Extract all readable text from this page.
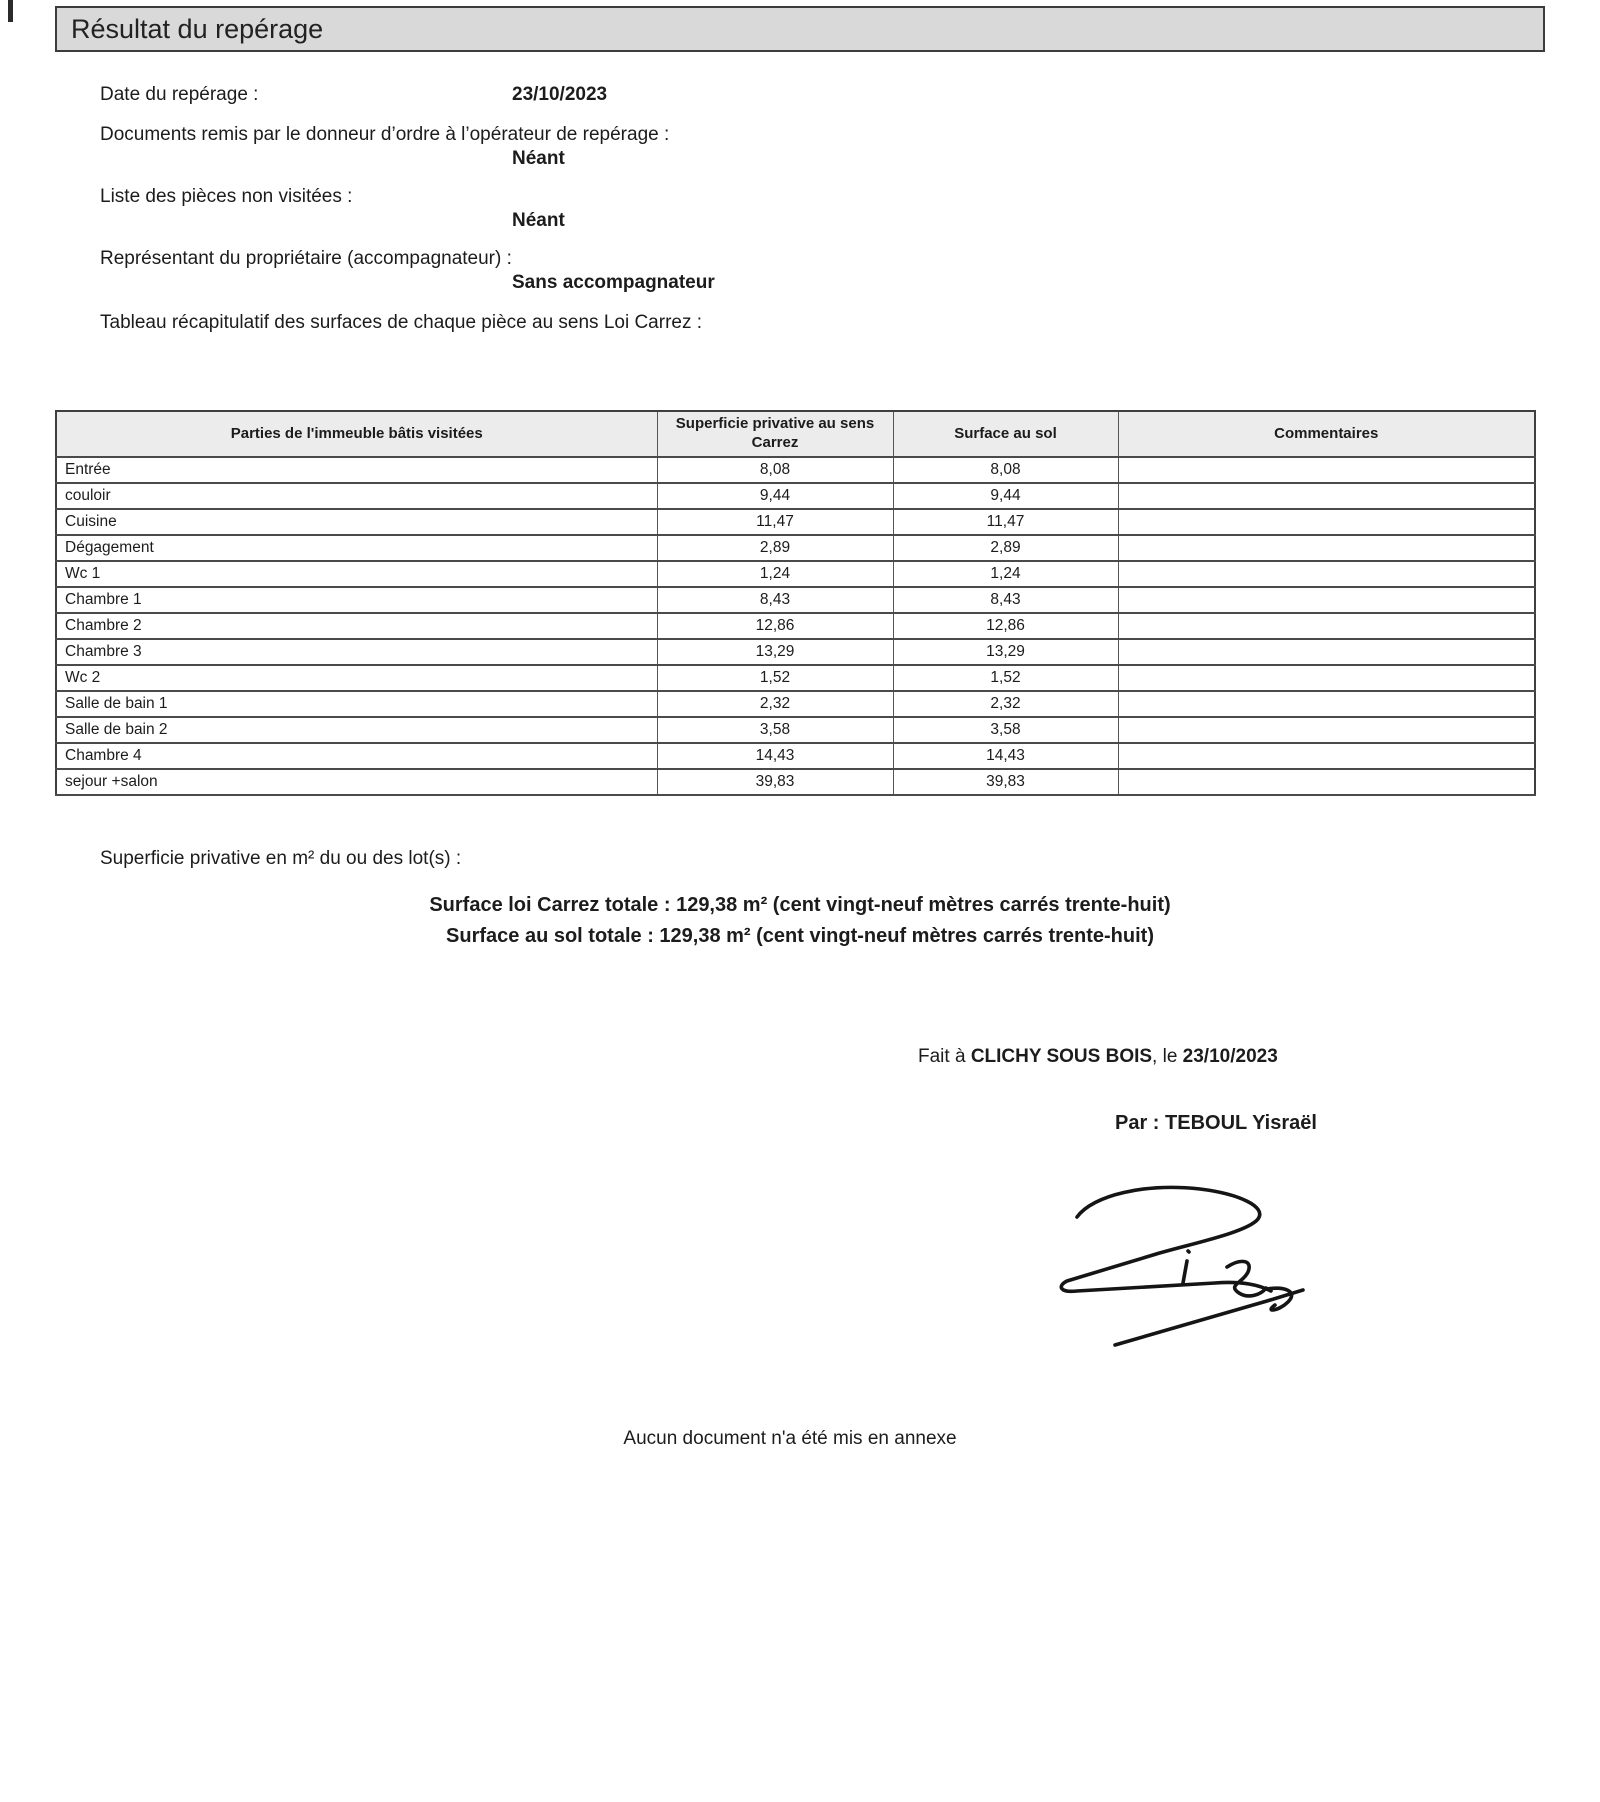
Résultat du repérage
Date du repérage :	23/10/2023
Documents remis par le donneur d’ordre à l’opérateur de repérage :
Néant
Liste des pièces non visitées :
Néant
Représentant du propriétaire (accompagnateur) :
Sans accompagnateur
Tableau récapitulatif des surfaces de chaque pièce au sens Loi Carrez :
Parties de l'immeuble bâtis visitées	Superficie privative au sens Carrez	Surface au sol	Commentaires
Entrée	8,08	8,08	
couloir	9,44	9,44	
Cuisine	11,47	11,47	
Dégagement	2,89	2,89	
Wc 1	1,24	1,24	
Chambre 1	8,43	8,43	
Chambre 2	12,86	12,86	
Chambre 3	13,29	13,29	
Wc 2	1,52	1,52	
Salle de bain 1	2,32	2,32	
Salle de bain 2	3,58	3,58	
Chambre 4	14,43	14,43	
sejour +salon	39,83	39,83	
Superficie privative en m² du ou des lot(s) :
Surface loi Carrez totale : 129,38 m² (cent vingt-neuf mètres carrés trente-huit)
Surface au sol totale : 129,38 m² (cent vingt-neuf mètres carrés trente-huit)
Fait à CLICHY SOUS BOIS, le 23/10/2023
Par : TEBOUL Yisraël
Aucun document n'a été mis en annexe
